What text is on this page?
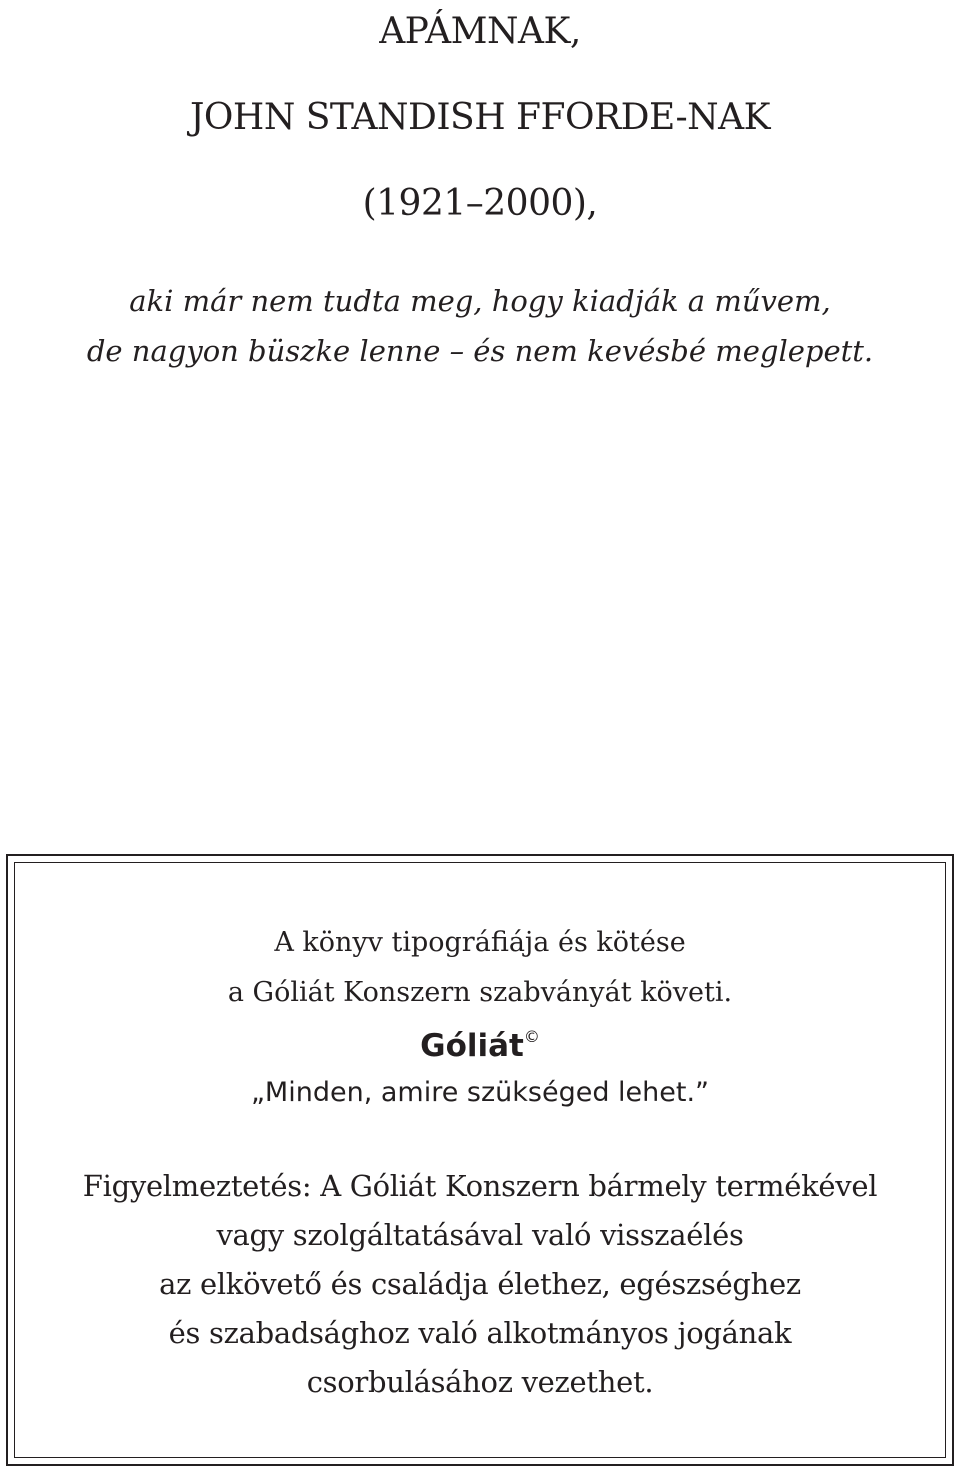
APÁMNAK,
JOHN STANDISH FFORDE-NAK
(1921–2000),
aki már nem tudta meg, hogy kiadják a művem,
de nagyon büszke lenne – és nem kevésbé meglepett.
A könyv tipográfiája és kötése
a Góliát Konszern szabványát követi.
Góliát©
„Minden, amire szükséged lehet.”
Figyelmeztetés: A Góliát Konszern bármely termékével
vagy szolgáltatásával való visszaélés
az elkövető és családja élethez, egészséghez
és szabadsághoz való alkotmányos jogának
csorbulásához vezethet.
